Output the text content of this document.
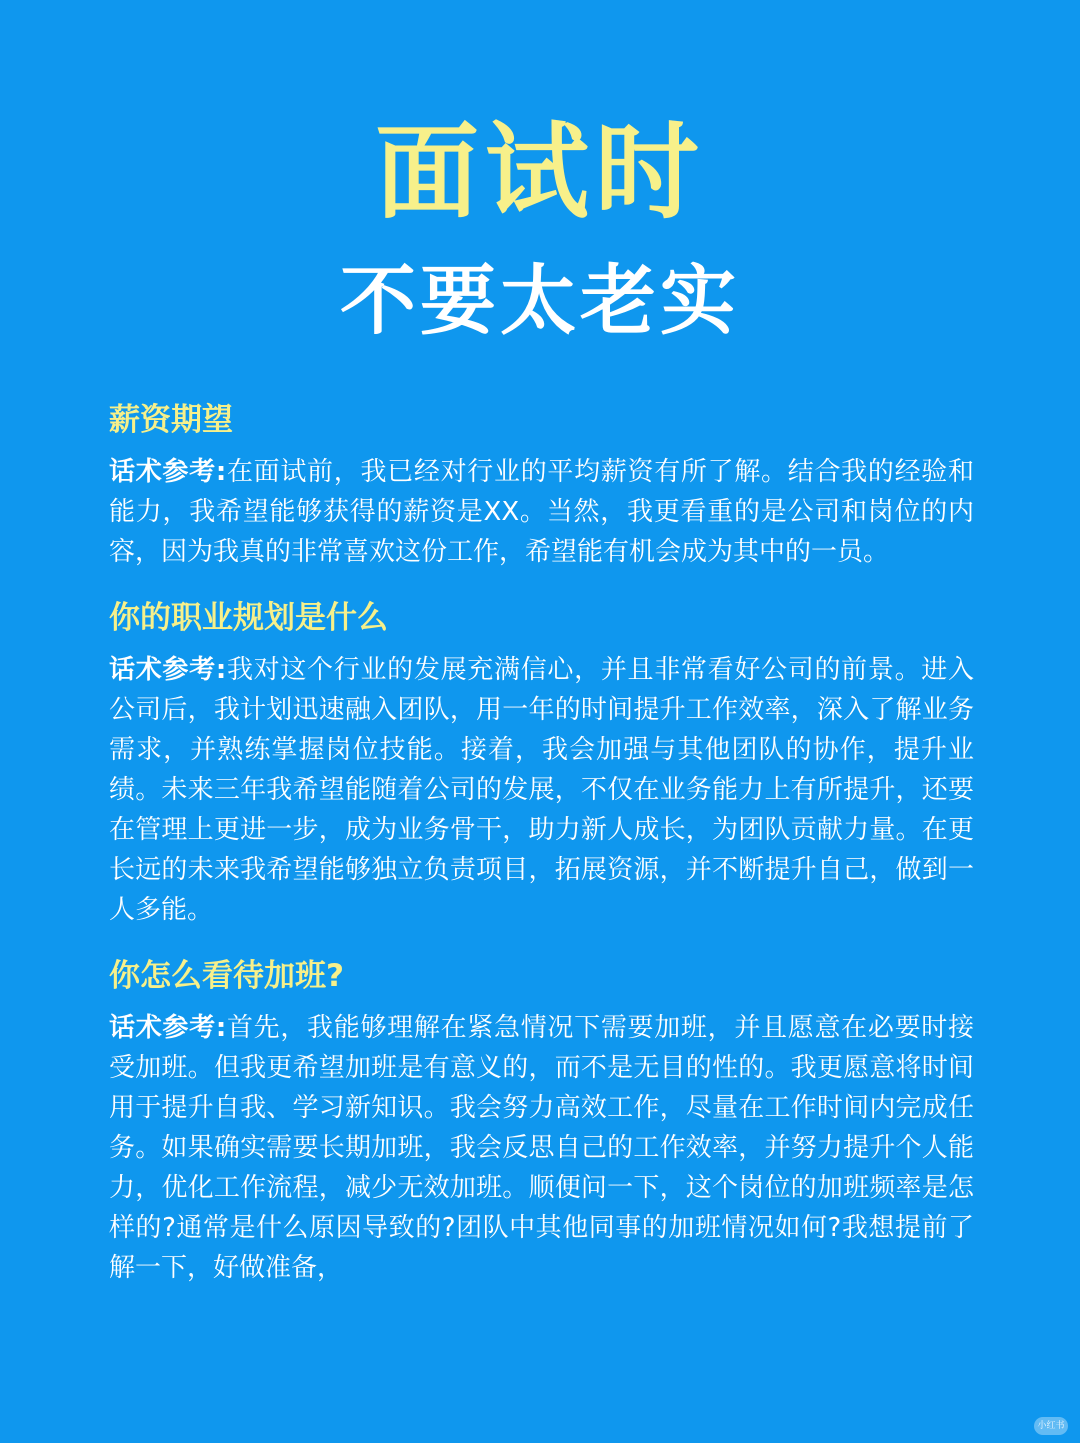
面试时
不要太老实
薪资期望

话术参考:在面试前，我已经对行业的平均薪资有所了解。结合我的经验和能力，我希望能够获得的薪资是XX。当然，我更看重的是公司和岗位的内容，因为我真的非常喜欢这份工作，希望能有机会成为其中的一员。

你的职业规划是什么

话术参考:我对这个行业的发展充满信心，并且非常看好公司的前景。进入公司后，我计划迅速融入团队，用一年的时间提升工作效率，深入了解业务需求，并熟练掌握岗位技能。接着，我会加强与其他团队的协作，提升业绩。未来三年我希望能随着公司的发展，不仅在业务能力上有所提升，还要在管理上更进一步，成为业务骨干，助力新人成长，为团队贡献力量。在更长远的未来我希望能够独立负责项目，拓展资源，并不断提升自己，做到一人多能。

你怎么看待加班?

话术参考:首先，我能够理解在紧急情况下需要加班，并且愿意在必要时接受加班。但我更希望加班是有意义的，而不是无目的性的。我更愿意将时间用于提升自我、学习新知识。我会努力高效工作，尽量在工作时间内完成任务。如果确实需要长期加班，我会反思自己的工作效率，并努力提升个人能力，优化工作流程，减少无效加班。顺便问一下，这个岗位的加班频率是怎样的?通常是什么原因导致的?团队中其他同事的加班情况如何?我想提前了解一下，好做准备，

小红书
